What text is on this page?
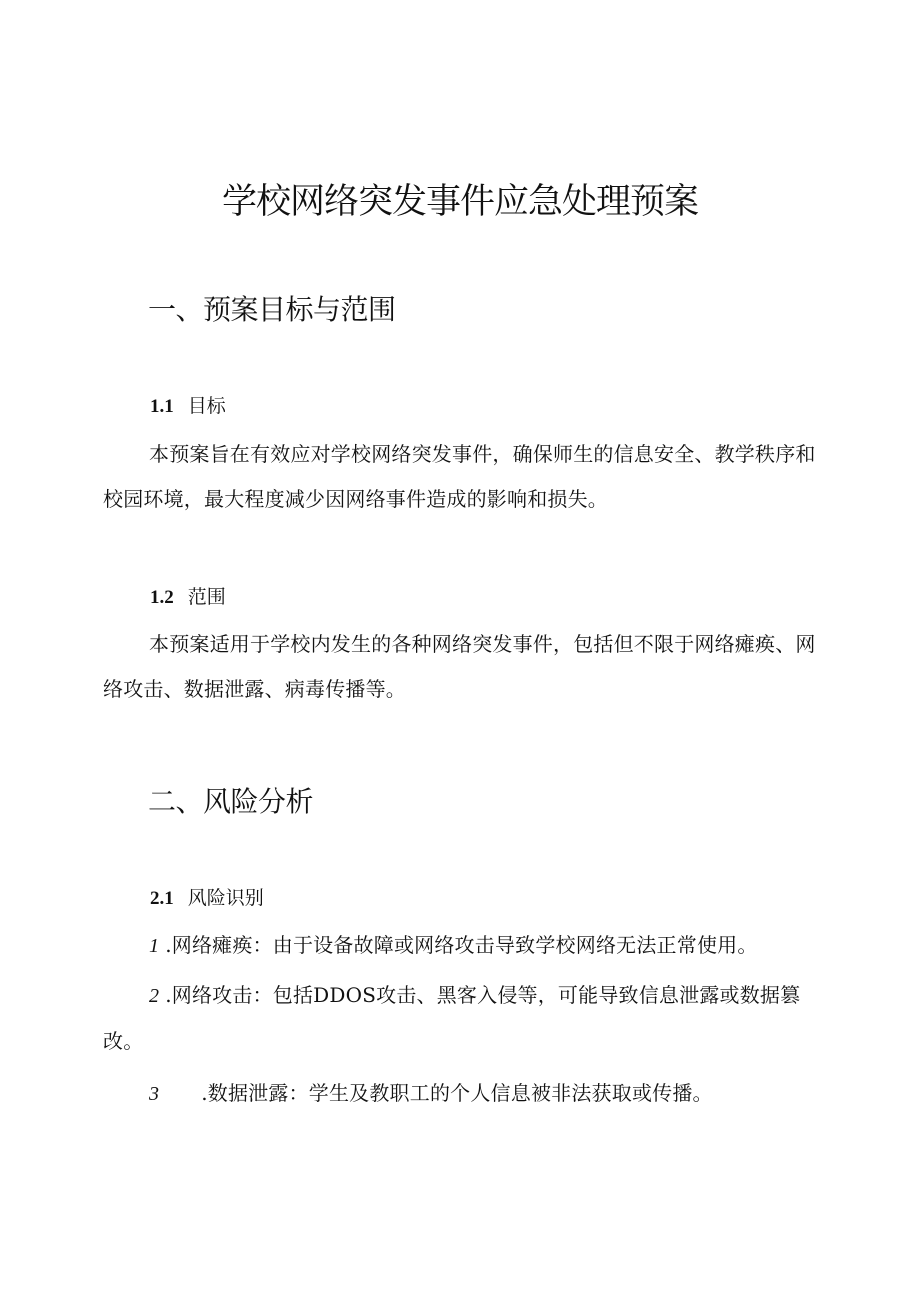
学校网络突发事件应急处理预案
一、预案目标与范围
1.1 目标

本预案旨在有效应对学校网络突发事件，确保师生的信息安全、教学秩序和校园环境，最大程度减少因网络事件造成的影响和损失。

1.2 范围

本预案适用于学校内发生的各种网络突发事件，包括但不限于网络瘫痪、网络攻击、数据泄露、病毒传播等。

二、风险分析
2.1 风险识别

1 .网络瘫痪：由于设备故障或网络攻击导致学校网络无法正常使用。

2 .网络攻击：包括DDOS攻击、黑客入侵等，可能导致信息泄露或数据篡改。

3 .数据泄露：学生及教职工的个人信息被非法获取或传播。
